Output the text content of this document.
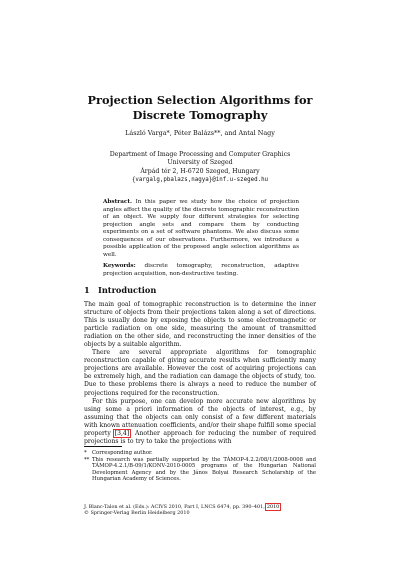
Projection Selection Algorithms for Discrete Tomography
László Varga*, Péter Balázs**, and Antal Nagy
Department of Image Processing and Computer Graphics
University of Szeged
Árpád tér 2, H-6720 Szeged, Hungary
{vargalg,pbalazs,nagya}@inf.u-szeged.hu

Abstract. In this paper we study how the choice of projection angles affect the quality of the discrete tomographic reconstruction of an object. We supply four different strategies for selecting projection angle sets and compare them by conducting experiments on a set of software phantoms. We also discuss some consequences of our observations. Furthermore, we introduce a possible application of the proposed angle selection algorithms as well.

Keywords: discrete tomography, reconstruction, adaptive projection acquisition, non-destructive testing.

1 Introduction

The main goal of tomographic reconstruction is to determine the inner structure of objects from their projections taken along a set of directions. This is usually done by exposing the objects to some electromagnetic or particle radiation on one side, measuring the amount of transmitted radiation on the other side, and reconstructing the inner densities of the objects by a suitable algorithm.

There are several appropriate algorithms for tomographic reconstruction capable of giving accurate results when sufficiently many projections are available. However the cost of acquiring projections can be extremely high, and the radiation can damage the objects of study, too. Due to these problems there is always a need to reduce the number of projections required for the reconstruction.

For this purpose, one can develop more accurate new algorithms by using some a priori information of the objects of interest, e.g., by assuming that the objects can only consist of a few different materials with known attenuation coefficients, and/or their shape fulfill some special property [3,4]. Another approach for reducing the number of required projections is to try to take the projections with

* Corresponding author.

** This research was partially supported by the TÁMOP-4.2.2/08/1/2008-0008 and TÁMOP-4.2.1/B-09/1/KONV-2010-0005 programs of the Hungarian National Development Agency and by the János Bolyai Research Scholarship of the Hungarian Academy of Sciences.

J. Blanc-Talon et al. (Eds.): ACIVS 2010, Part I, LNCS 6474, pp. 390–401, 2010.

© Springer-Verlag Berlin Heidelberg 2010
